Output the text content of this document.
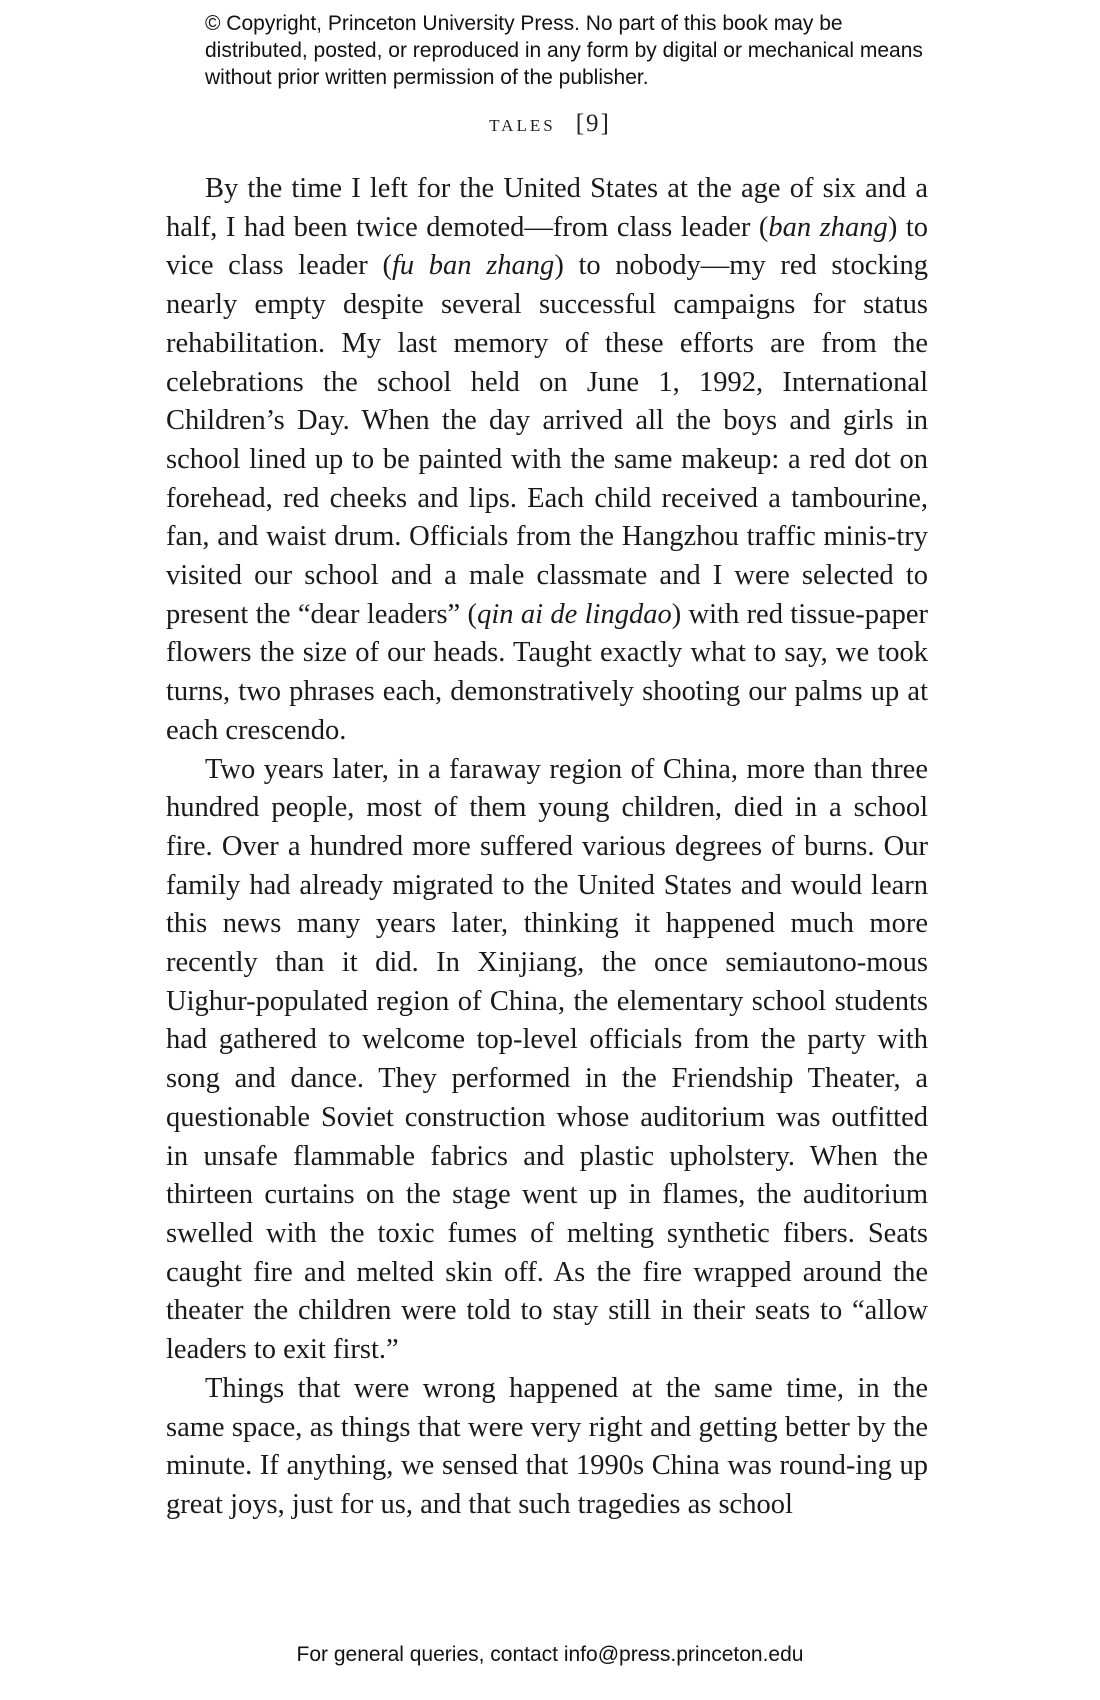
© Copyright, Princeton University Press. No part of this book may be distributed, posted, or reproduced in any form by digital or mechanical means without prior written permission of the publisher.
TALES [9]

By the time I left for the United States at the age of six and a half, I had been twice demoted—from class leader (ban zhang) to vice class leader (fu ban zhang) to nobody—my red stocking nearly empty despite several successful campaigns for status rehabilitation. My last memory of these efforts are from the celebrations the school held on June 1, 1992, International Children’s Day. When the day arrived all the boys and girls in school lined up to be painted with the same makeup: a red dot on forehead, red cheeks and lips. Each child received a tambourine, fan, and waist drum. Officials from the Hangzhou traffic minis-try visited our school and a male classmate and I were selected to present the “dear leaders” (qin ai de lingdao) with red tissue-paper flowers the size of our heads. Taught exactly what to say, we took turns, two phrases each, demonstratively shooting our palms up at each crescendo.

Two years later, in a faraway region of China, more than three hundred people, most of them young children, died in a school fire. Over a hundred more suffered various degrees of burns. Our family had already migrated to the United States and would learn this news many years later, thinking it happened much more recently than it did. In Xinjiang, the once semiautono-mous Uighur-populated region of China, the elementary school students had gathered to welcome top-level officials from the party with song and dance. They performed in the Friendship Theater, a questionable Soviet construction whose auditorium was outfitted in unsafe flammable fabrics and plastic upholstery. When the thirteen curtains on the stage went up in flames, the auditorium swelled with the toxic fumes of melting synthetic fibers. Seats caught fire and melted skin off. As the fire wrapped around the theater the children were told to stay still in their seats to “allow leaders to exit first.”

Things that were wrong happened at the same time, in the same space, as things that were very right and getting better by the minute. If anything, we sensed that 1990s China was round-ing up great joys, just for us, and that such tragedies as school

For general queries, contact info@press.princeton.edu
